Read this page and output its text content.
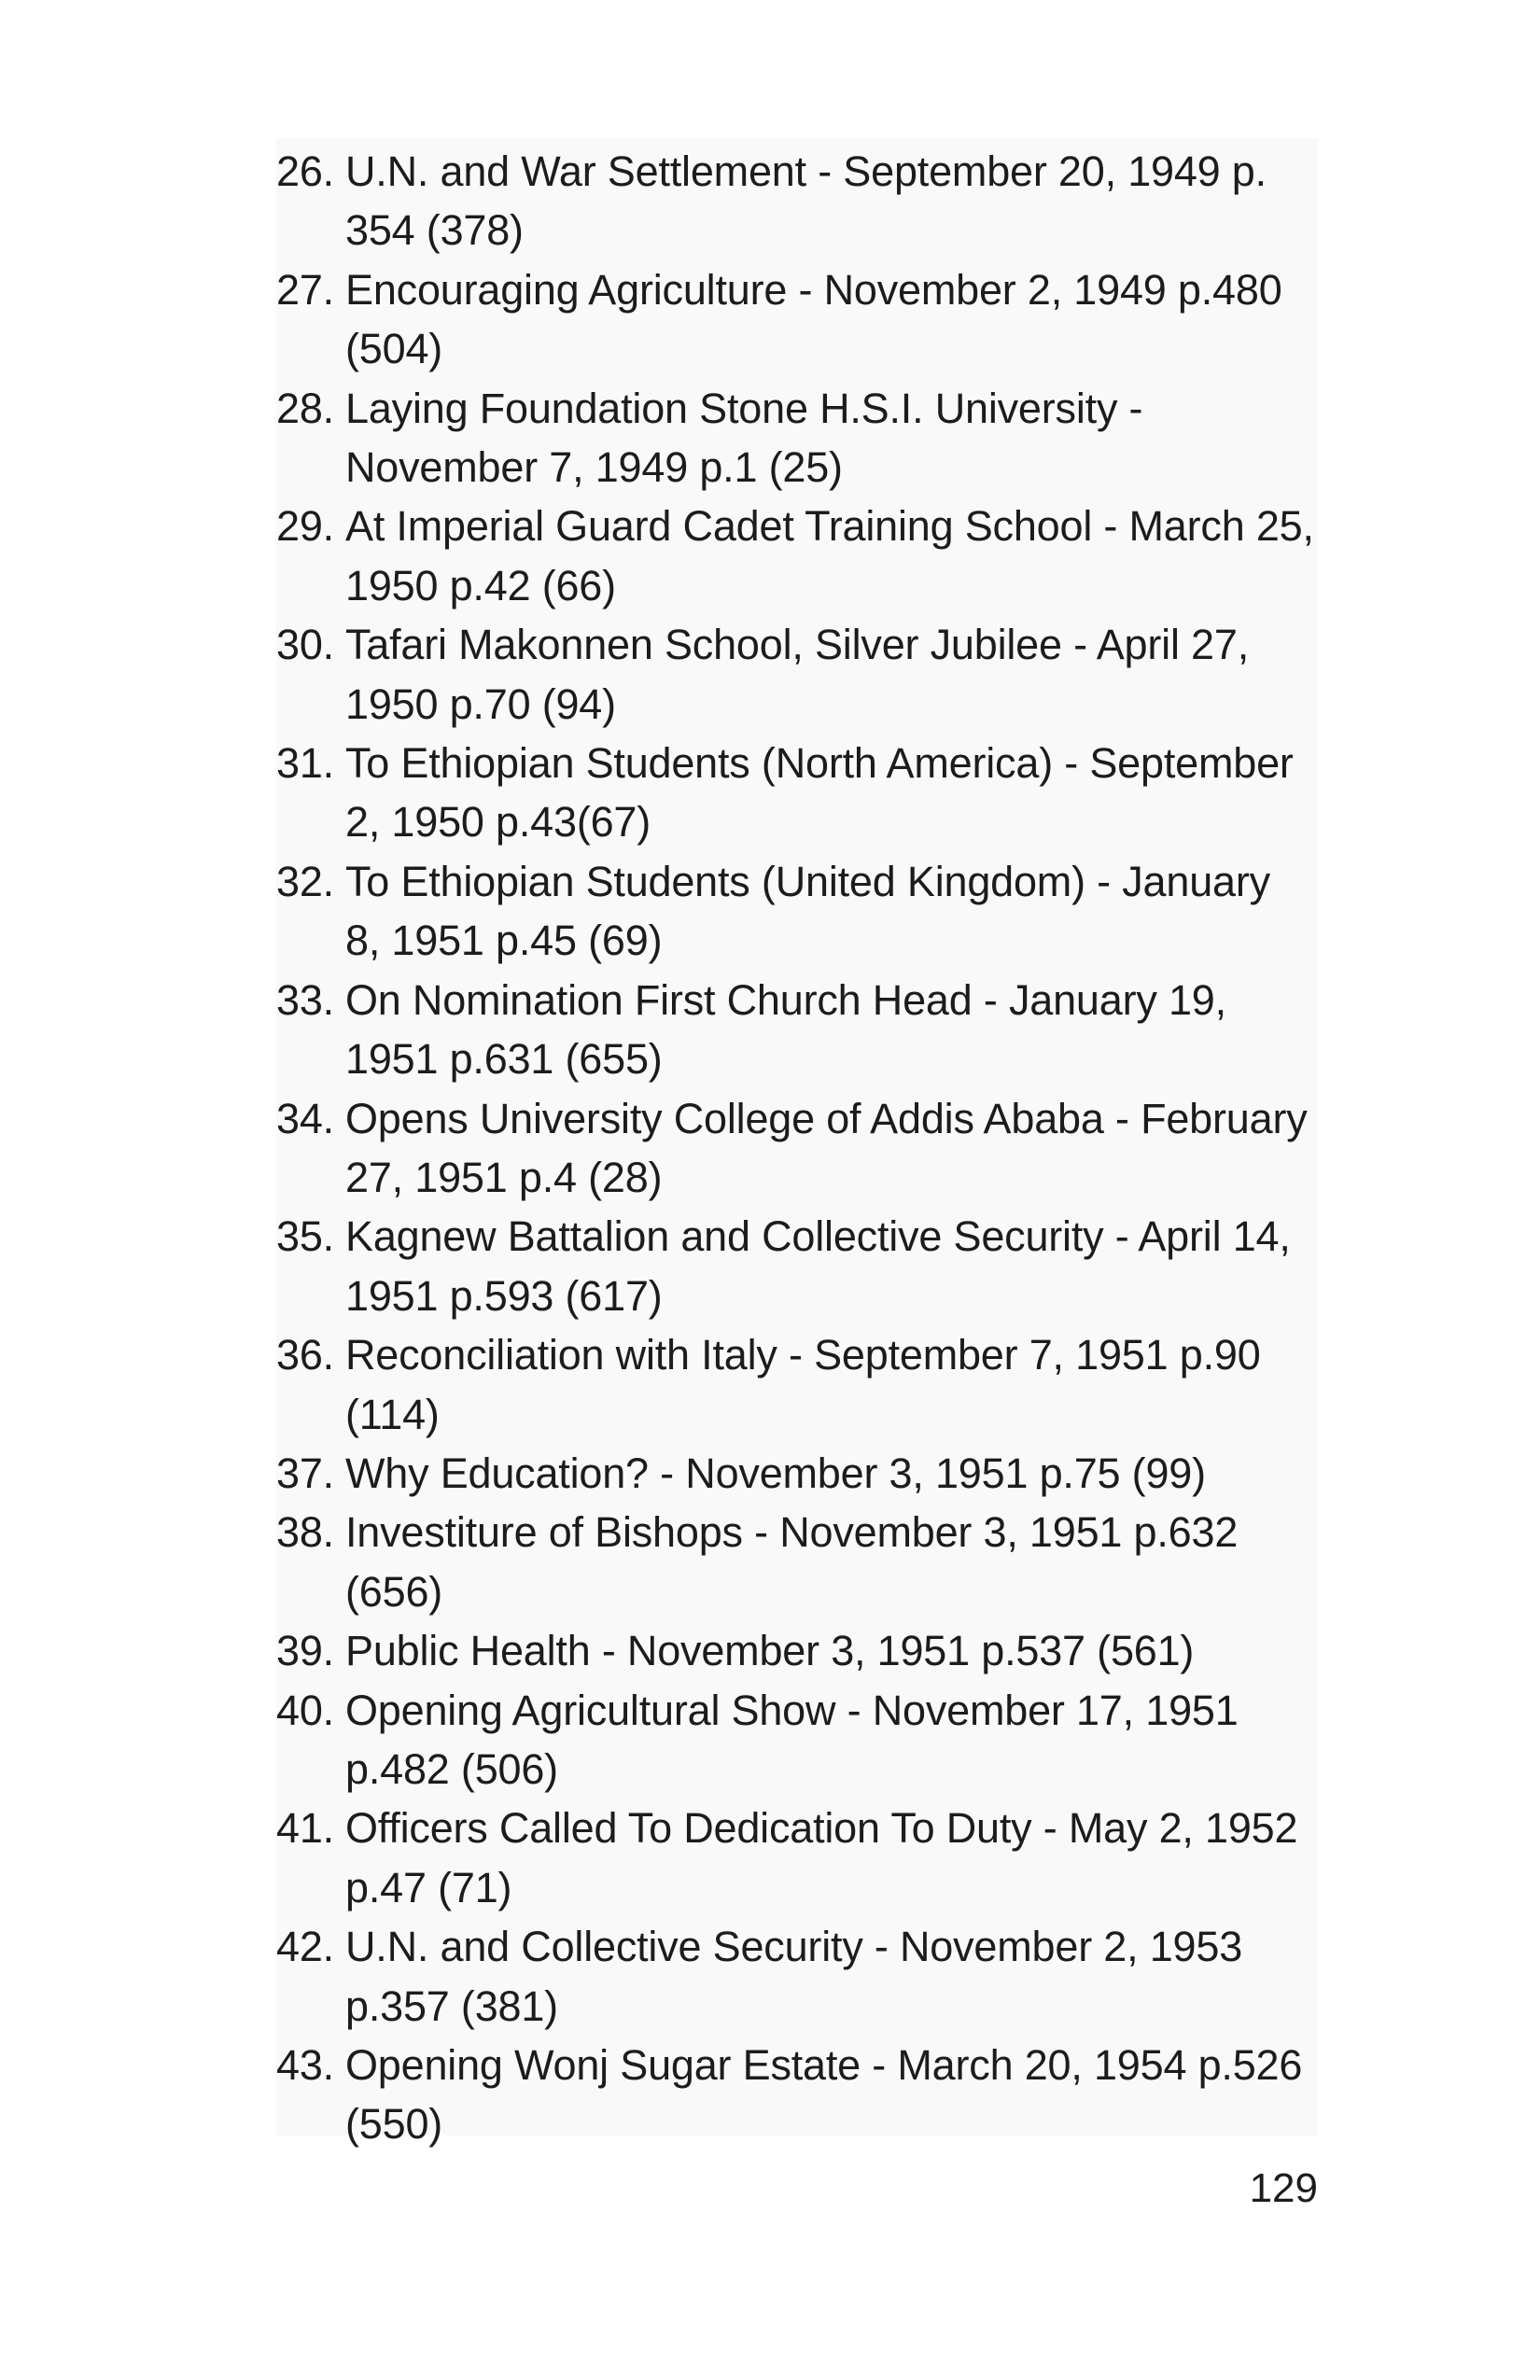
26. U.N. and War Settlement - September 20, 1949 p. 354 (378)
27. Encouraging Agriculture - November 2, 1949 p.480 (504)
28. Laying Foundation Stone H.S.I. University - November 7, 1949 p.1 (25)
29. At Imperial Guard Cadet Training School - March 25, 1950 p.42 (66)
30. Tafari Makonnen School, Silver Jubilee - April 27, 1950 p.70 (94)
31. To Ethiopian Students (North America) - September 2, 1950 p.43(67)
32. To Ethiopian Students (United Kingdom) - January 8, 1951 p.45 (69)
33. On Nomination First Church Head - January 19, 1951 p.631 (655)
34. Opens University College of Addis Ababa - February 27, 1951 p.4 (28)
35. Kagnew Battalion and Collective Security - April 14, 1951 p.593 (617)
36. Reconciliation with Italy - September 7, 1951 p.90 (114)
37. Why Education? - November 3, 1951 p.75 (99)
38. Investiture of Bishops - November 3, 1951 p.632 (656)
39. Public Health - November 3, 1951 p.537 (561)
40. Opening Agricultural Show - November 17, 1951 p.482 (506)
41. Officers Called To Dedication To Duty - May 2, 1952 p.47 (71)
42. U.N. and Collective Security - November 2, 1953 p.357 (381)
43. Opening Wonj Sugar Estate - March 20, 1954 p.526 (550)
129
